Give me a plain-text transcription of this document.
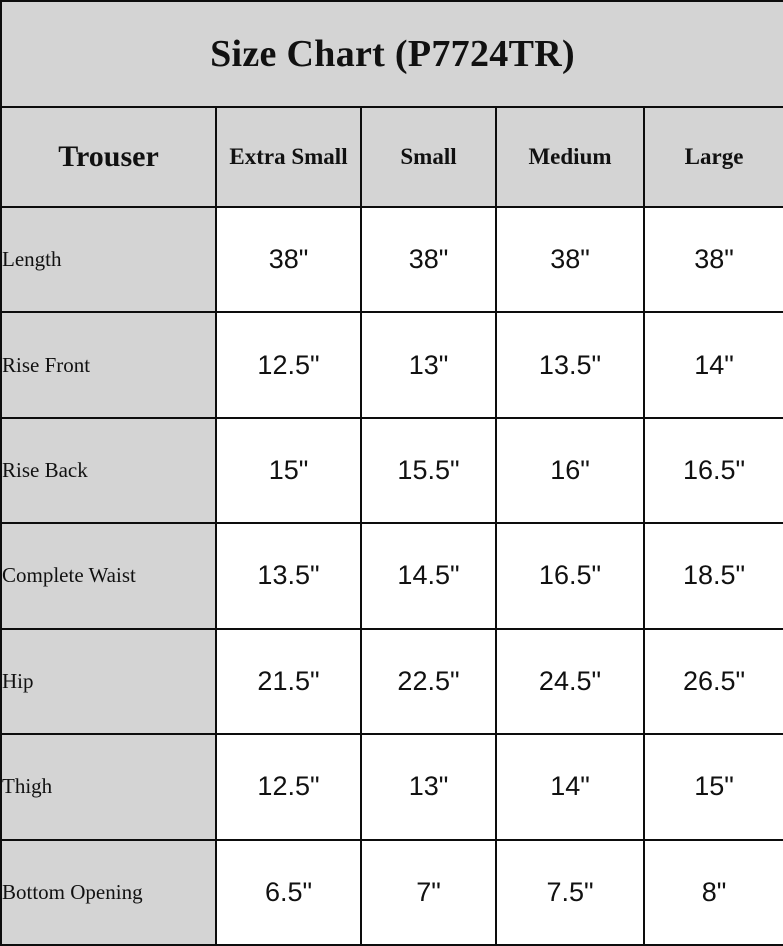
Size Chart (P7724TR)				
Trouser	Extra Small	Small	Medium	Large
Length	38"	38"	38"	38"
Rise Front	12.5"	13"	13.5"	14"
Rise Back	15"	15.5"	16"	16.5"
Complete Waist	13.5"	14.5"	16.5"	18.5"
Hip	21.5"	22.5"	24.5"	26.5"
Thigh	12.5"	13"	14"	15"
Bottom Opening	6.5"	7"	7.5"	8"
